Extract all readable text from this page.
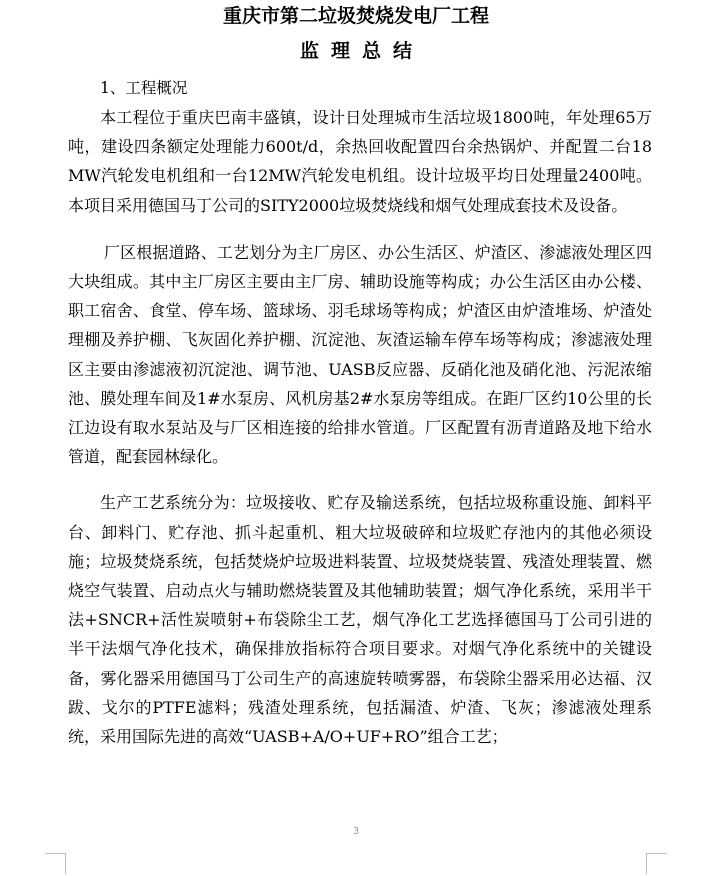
重庆市第二垃圾焚烧发电厂工程
监理总结
1、工程概况

本工程位于重庆巴南丰盛镇，设计日处理城市生活垃圾1800吨，年处理65万吨，建设四条额定处理能力600t/d，余热回收配置四台余热锅炉、并配置二台18MW汽轮发电机组和一台12MW汽轮发电机组。设计垃圾平均日处理量2400吨。本项目采用德国马丁公司的SITY2000垃圾焚烧线和烟气处理成套技术及设备。

厂区根据道路、工艺划分为主厂房区、办公生活区、炉渣区、渗滤液处理区四大块组成。其中主厂房区主要由主厂房、辅助设施等构成；办公生活区由办公楼、职工宿舍、食堂、停车场、篮球场、羽毛球场等构成；炉渣区由炉渣堆场、炉渣处理棚及养护棚、飞灰固化养护棚、沉淀池、灰渣运输车停车场等构成；渗滤液处理区主要由渗滤液初沉淀池、调节池、UASB反应器、反硝化池及硝化池、污泥浓缩池、膜处理车间及1#水泵房、风机房基2#水泵房等组成。在距厂区约10公里的长江边设有取水泵站及与厂区相连接的给排水管道。厂区配置有沥青道路及地下给水管道，配套园林绿化。

生产工艺系统分为：垃圾接收、贮存及输送系统，包括垃圾称重设施、卸料平台、卸料门、贮存池、抓斗起重机、粗大垃圾破碎和垃圾贮存池内的其他必须设施；垃圾焚烧系统，包括焚烧炉垃圾进料装置、垃圾焚烧装置、残渣处理装置、燃烧空气装置、启动点火与辅助燃烧装置及其他辅助装置；烟气净化系统，采用半干法+SNCR+活性炭喷射+布袋除尘工艺，烟气净化工艺选择德国马丁公司引进的半干法烟气净化技术，确保排放指标符合项目要求。对烟气净化系统中的关键设备，雾化器采用德国马丁公司生产的高速旋转喷雾器，布袋除尘器采用必达福、汉跋、戈尔的PTFE滤料；残渣处理系统，包括漏渣、炉渣、飞灰；渗滤液处理系统，采用国际先进的高效“UASB+A/O+UF+RO”组合工艺；

3
